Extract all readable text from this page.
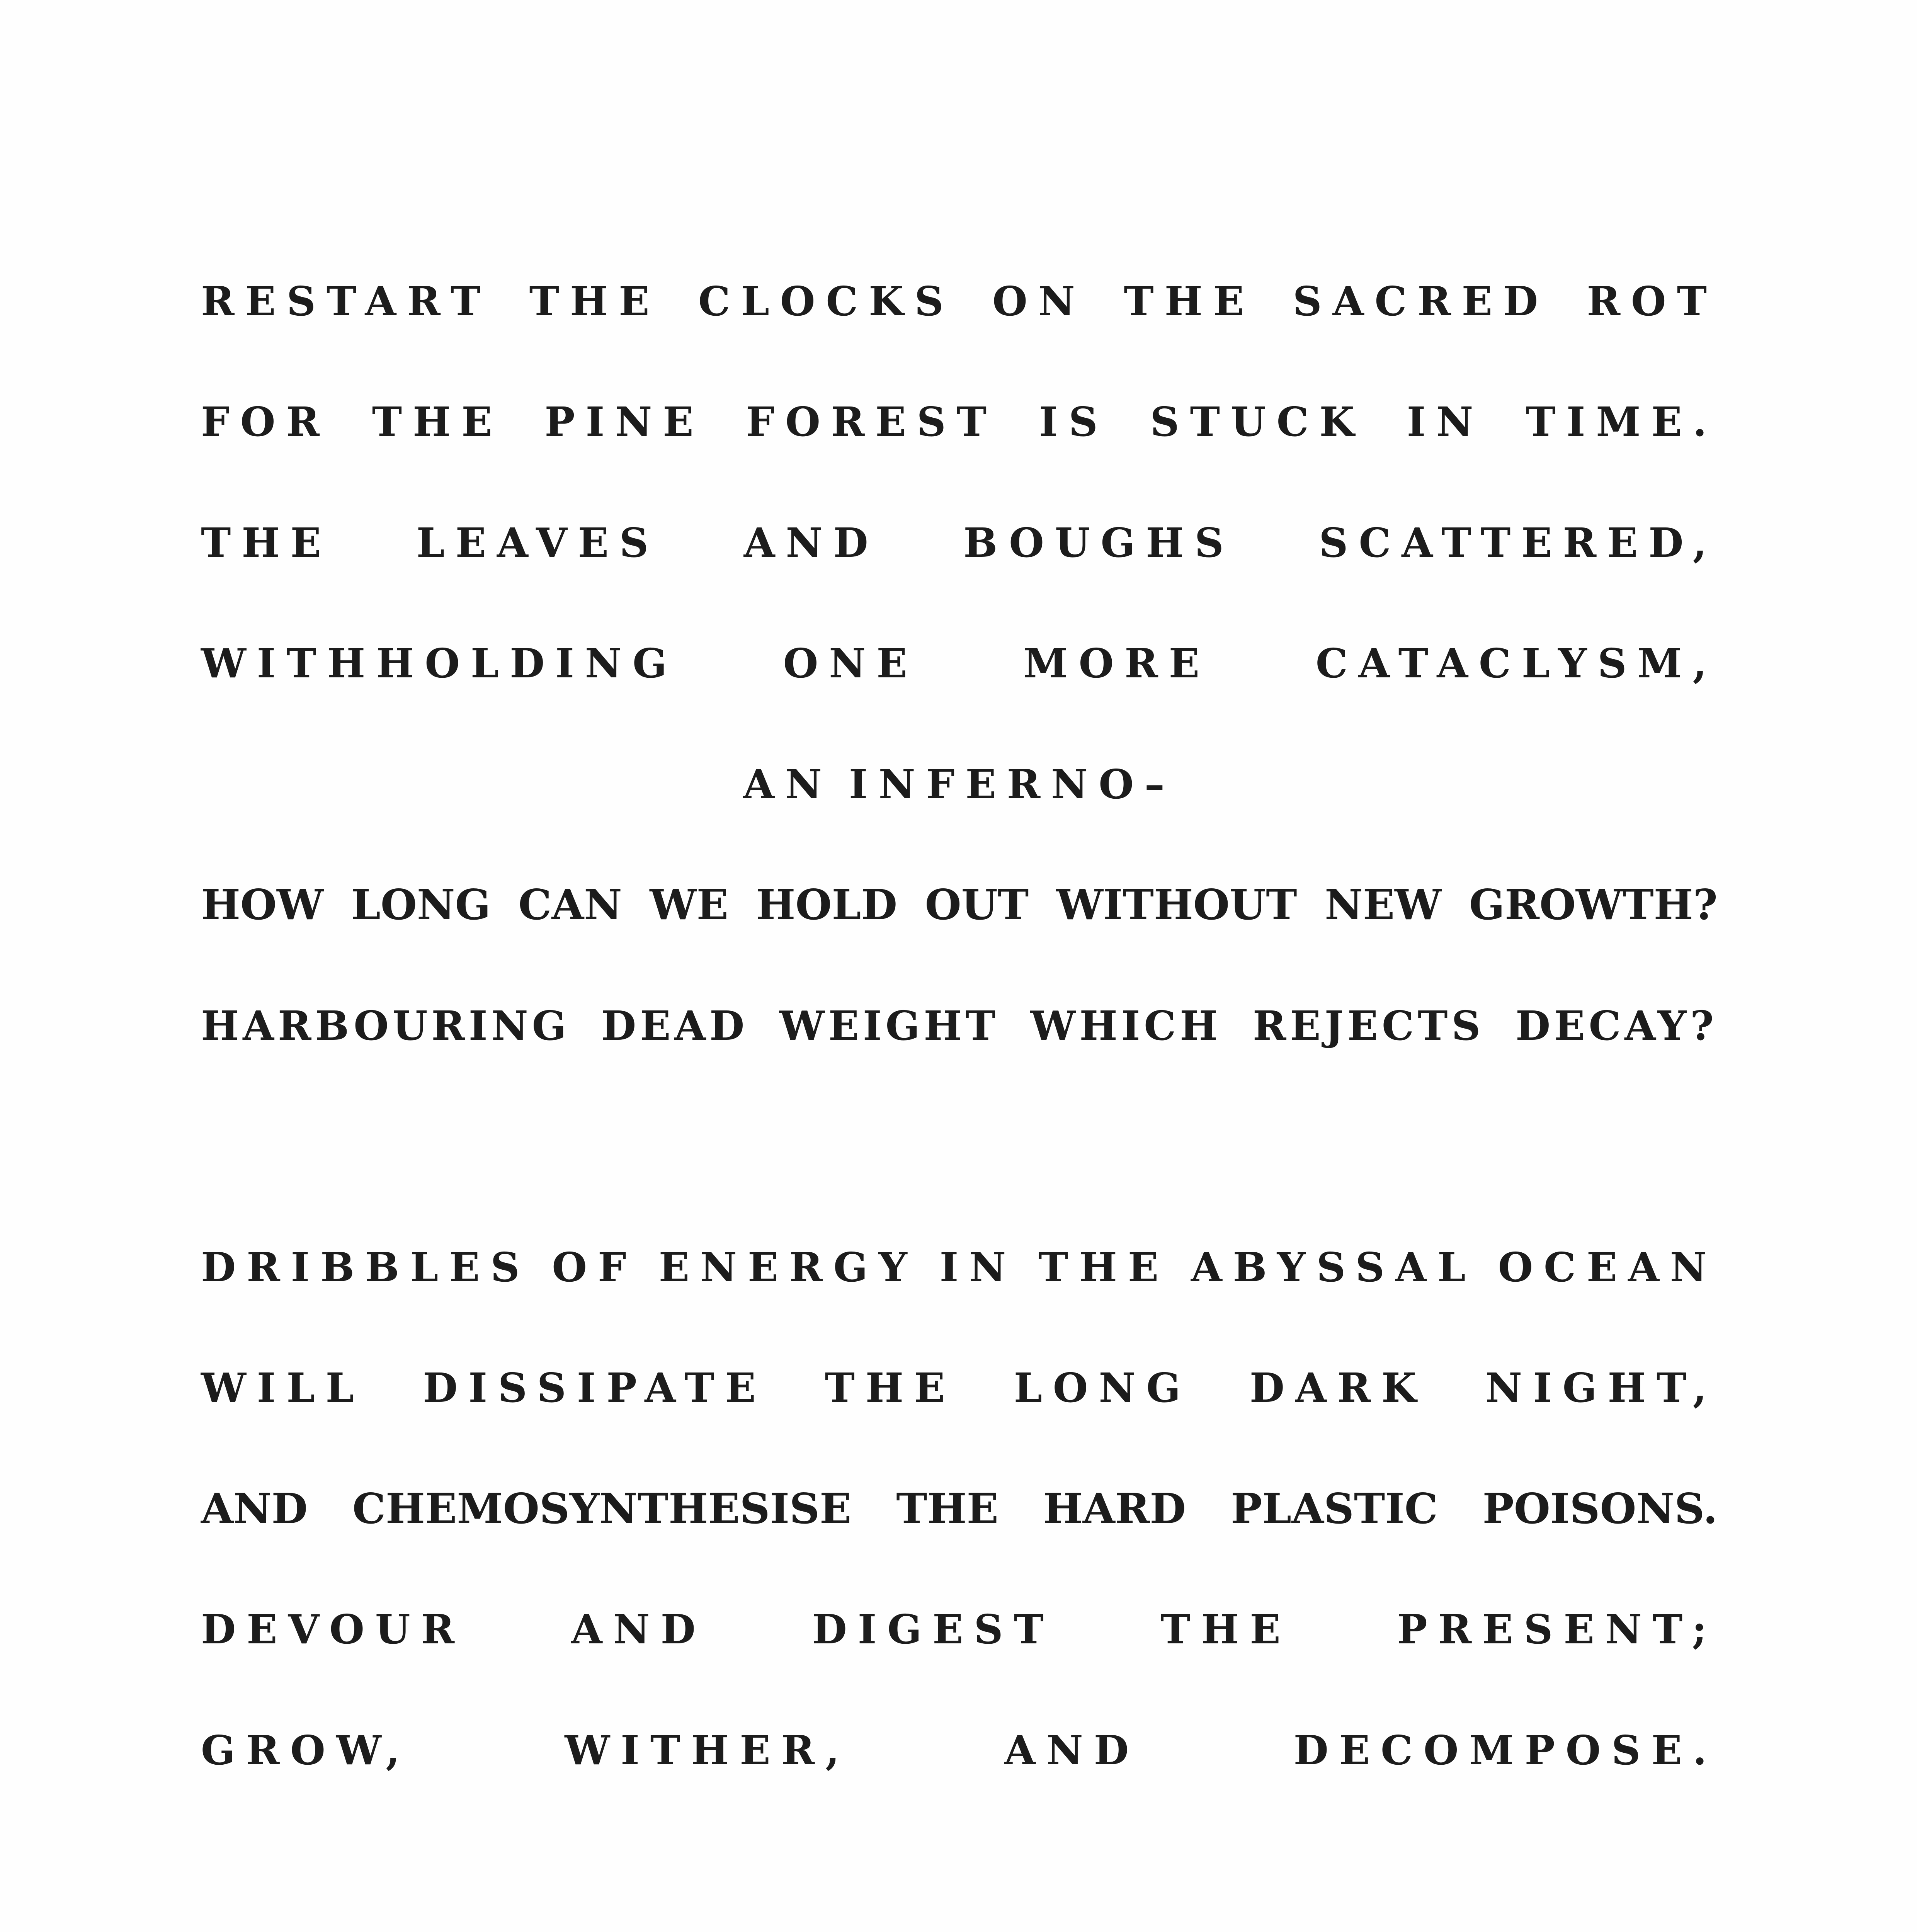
RESTART THE CLOCKS ON THE SACRED ROT
FOR THE PINE FOREST IS STUCK IN TIME.
THE LEAVES AND BOUGHS SCATTERED,
WITHHOLDING	ONE	MORE	CATACLYSM,
AN INFERNO–
HOW LONG CAN WE HOLD OUT WITHOUT NEW GROWTH?
HARBOURING DEAD WEIGHT WHICH REJECTS DECAY?
DRIBBLES OF ENERGY IN THE ABYSSAL OCEAN
WILL DISSIPATE THE LONG DARK NIGHT,
AND CHEMOSYNTHESISE THE HARD PLASTIC POISONS.
DEVOUR	AND	DIGEST	THE	PRESENT;
GROW,	WITHER,	AND	DECOMPOSE.
